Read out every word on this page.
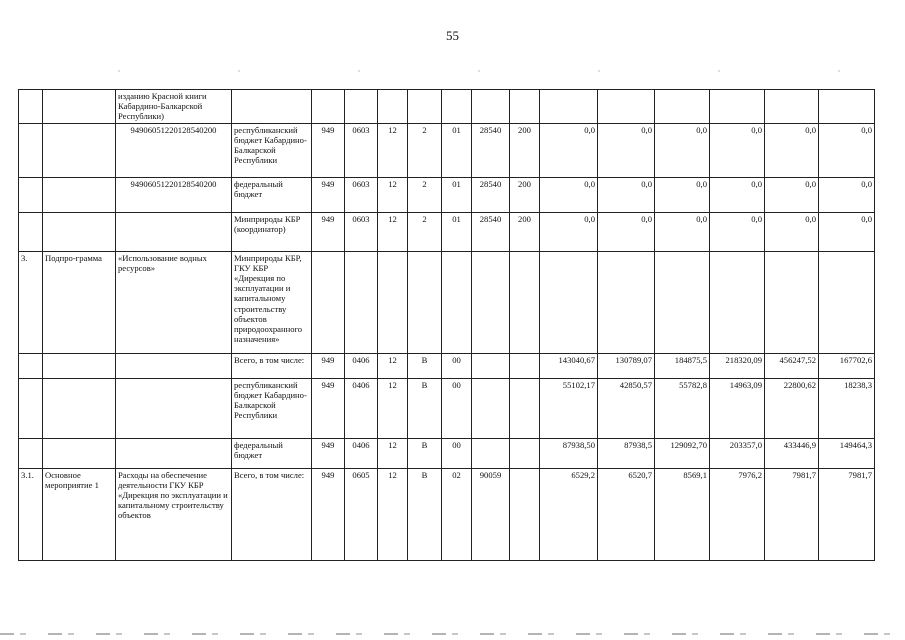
55
		изданию Красной книги Кабардино-Балкарской Республики)														
		94906051220128540200	республиканский бюджет Кабардино-Балкарской Республики	949	0603	12	2	01	28540	200	0,0	0,0	0,0	0,0	0,0	0,0
		94906051220128540200	федеральный бюджет	949	0603	12	2	01	28540	200	0,0	0,0	0,0	0,0	0,0	0,0
			Минприроды КБР (координатор)	949	0603	12	2	01	28540	200	0,0	0,0	0,0	0,0	0,0	0,0
3.	Подпро-грамма	«Использование водных ресурсов»	Минприроды КБР, ГКУ КБР «Дирекция по эксплуатации и капитальному строительству объектов природоохранного назначения»													
			Всего, в том числе:	949	0406	12	В	00			143040,67	130789,07	184875,5	218320,09	456247,52	167702,6
			республиканский бюджет Кабардино-Балкарской Республики	949	0406	12	В	00			55102,17	42850,57	55782,8	14963,09	22800,62	18238,3
			федеральный бюджет	949	0406	12	В	00			87938,50	87938,5	129092,70	203357,0	433446,9	149464,3
3.1.	Основное мероприятие 1	Расходы на обеспечение деятельности ГКУ КБР «Дирекция по эксплуатации и капитальному строительству объектов	Всего, в том числе:	949	0605	12	В	02	90059		6529,2	6520,7	8569,1	7976,2	7981,7	7981,7
